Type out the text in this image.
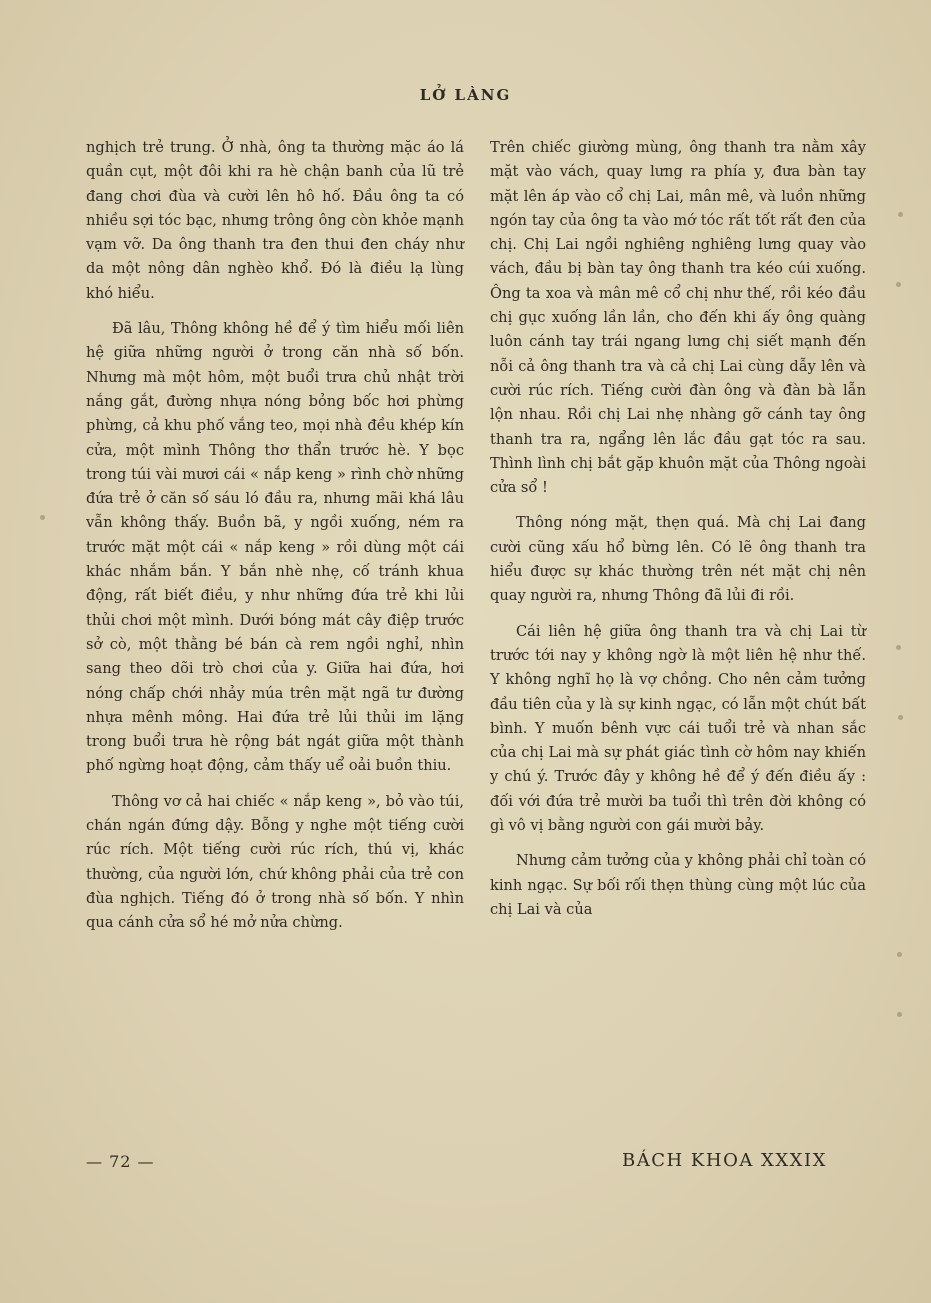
LỞ LÀNG

nghịch trẻ trung. Ở nhà, ông ta thường mặc áo lá quần cụt, một đôi khi ra hè chận banh của lũ trẻ đang chơi đùa và cười lên hô hố. Đầu ông ta có nhiều sợi tóc bạc, nhưng trông ông còn khỏe mạnh vạm vỡ. Da ông thanh tra đen thui đen cháy như da một nông dân nghèo khổ. Đó là điều lạ lùng khó hiểu.

Đã lâu, Thông không hề để ý tìm hiểu mối liên hệ giữa những người ở trong căn nhà số bốn. Nhưng mà một hôm, một buổi trưa chủ nhật trời nắng gắt, đường nhựa nóng bỏng bốc hơi phừng phừng, cả khu phố vắng teo, mọi nhà đều khép kín cửa, một mình Thông thơ thẩn trước hè. Y bọc trong túi vài mươi cái « nắp keng » rình chờ những đứa trẻ ở căn số sáu ló đầu ra, nhưng mãi khá lâu vẫn không thấy. Buồn bã, y ngồi xuống, ném ra trước mặt một cái « nắp keng » rồi dùng một cái khác nhắm bắn. Y bắn nhè nhẹ, cố tránh khua động, rất biết điều, y như những đứa trẻ khi lủi thủi chơi một mình. Dưới bóng mát cây điệp trước sở cò, một thằng bé bán cà rem ngồi nghỉ, nhìn sang theo dõi trò chơi của y. Giữa hai đứa, hơi nóng chấp chới nhảy múa trên mặt ngã tư đường nhựa mênh mông. Hai đứa trẻ lủi thủi im lặng trong buổi trưa hè rộng bát ngát giữa một thành phố ngừng hoạt động, cảm thấy uể oải buồn thiu.

Thông vơ cả hai chiếc « nắp keng », bỏ vào túi, chán ngán đứng dậy. Bỗng y nghe một tiếng cười rúc rích. Một tiếng cười rúc rích, thú vị, khác thường, của người lớn, chứ không phải của trẻ con đùa nghịch. Tiếng đó ở trong nhà số bốn. Y nhìn qua cánh cửa sổ hé mở nửa chừng.

Trên chiếc giường mùng, ông thanh tra nằm xây mặt vào vách, quay lưng ra phía y, đưa bàn tay mặt lên áp vào cổ chị Lai, mân mê, và luồn những ngón tay của ông ta vào mớ tóc rất tốt rất đen của chị. Chị Lai ngồi nghiêng nghiêng lưng quay vào vách, đầu bị bàn tay ông thanh tra kéo cúi xuống. Ông ta xoa và mân mê cổ chị như thế, rồi kéo đầu chị gục xuống lần lần, cho đến khi ấy ông quàng luôn cánh tay trái ngang lưng chị siết mạnh đến nỗi cả ông thanh tra và cả chị Lai cùng dẫy lên và cười rúc rích. Tiếng cười đàn ông và đàn bà lẫn lộn nhau. Rồi chị Lai nhẹ nhàng gỡ cánh tay ông thanh tra ra, ngẩng lên lắc đầu gạt tóc ra sau. Thình lình chị bắt gặp khuôn mặt của Thông ngoài cửa sổ !

Thông nóng mặt, thẹn quá. Mà chị Lai đang cười cũng xấu hổ bừng lên. Có lẽ ông thanh tra hiểu được sự khác thường trên nét mặt chị nên quay người ra, nhưng Thông đã lủi đi rồi.

Cái liên hệ giữa ông thanh tra và chị Lai từ trước tới nay y không ngờ là một liên hệ như thế. Y không nghĩ họ là vợ chồng. Cho nên cảm tưởng đầu tiên của y là sự kinh ngạc, có lẫn một chút bất bình. Y muốn bênh vực cái tuổi trẻ và nhan sắc của chị Lai mà sự phát giác tình cờ hôm nay khiến y chú ý. Trước đây y không hề để ý đến điều ấy : đối với đứa trẻ mười ba tuổi thì trên đời không có gì vô vị bằng người con gái mười bảy.

Nhưng cảm tưởng của y không phải chỉ toàn có kinh ngạc. Sự bối rối thẹn thùng cùng một lúc của chị Lai và của

— 72 —	BÁCH KHOA XXXIX
